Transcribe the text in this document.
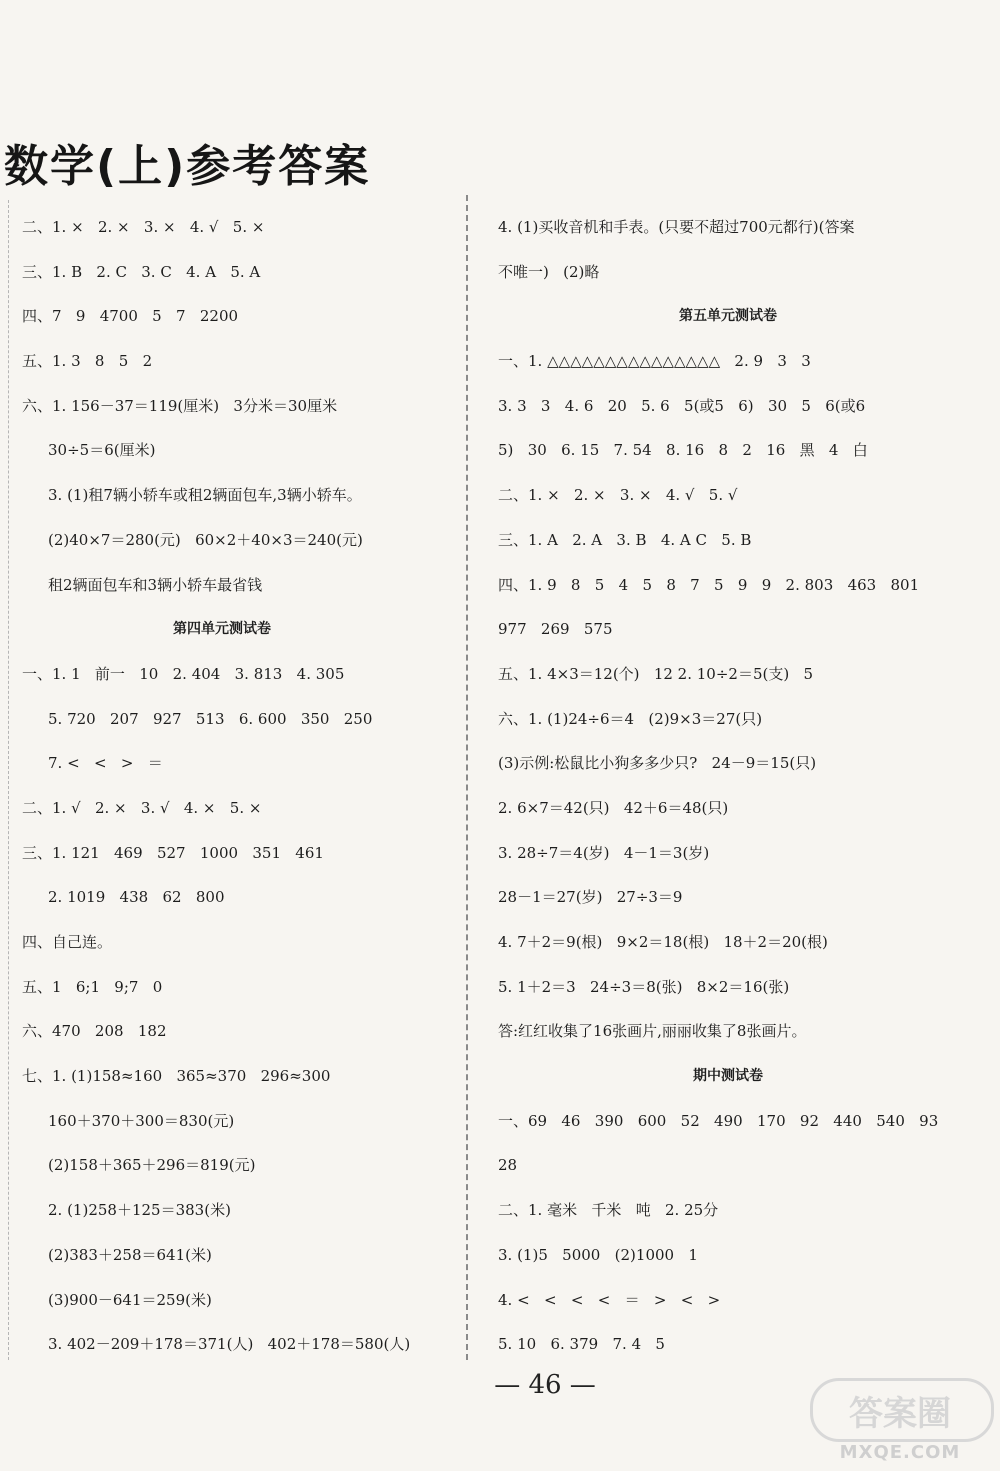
数学(上)参考答案
二、1. ×   2. ×   3. ×   4. √   5. ×
三、1. B   2. C   3. C   4. A   5. A
四、7   9   4700   5   7   2200
五、1. 3   8   5   2
六、1. 156－37＝119(厘米)   3分米＝30厘米
30÷5＝6(厘米)
3. (1)租7辆小轿车或租2辆面包车,3辆小轿车。
(2)40×7＝280(元)   60×2＋40×3＝240(元)
租2辆面包车和3辆小轿车最省钱
第四单元测试卷
一、1. 1   前一   10   2. 404   3. 813   4. 305
5. 720   207   927   513   6. 600   350   250
7. <   <   >   ＝
二、1. √   2. ×   3. √   4. ×   5. ×
三、1. 121   469   527   1000   351   461
2. 1019   438   62   800
四、自己连。
五、1   6;1   9;7   0
六、470   208   182
七、1. (1)158≈160   365≈370   296≈300
160＋370＋300＝830(元)
(2)158＋365＋296＝819(元)
2. (1)258＋125＝383(米)
(2)383＋258＝641(米)
(3)900－641＝259(米)
3. 402－209＋178＝371(人)   402＋178＝580(人)
4. (1)买收音机和手表。(只要不超过700元都行)(答案
不唯一)   (2)略
第五单元测试卷
一、1. △△△△△△△△△△△△△△△   2. 9   3   3
3. 3   3   4. 6   20   5. 6   5(或5   6)   30   5   6(或6
5)   30   6. 15   7. 54   8. 16   8   2   16   黑   4   白
二、1. ×   2. ×   3. ×   4. √   5. √
三、1. A   2. A   3. B   4. A C   5. B
四、1. 9   8   5   4   5   8   7   5   9   9   2. 803   463   801
977   269   575
五、1. 4×3＝12(个)   12 2. 10÷2＝5(支)   5
六、1. (1)24÷6＝4   (2)9×3＝27(只)
(3)示例:松鼠比小狗多多少只?   24－9＝15(只)
2. 6×7＝42(只)   42＋6＝48(只)
3. 28÷7＝4(岁)   4－1＝3(岁)
28－1＝27(岁)   27÷3＝9
4. 7＋2＝9(根)   9×2＝18(根)   18＋2＝20(根)
5. 1＋2＝3   24÷3＝8(张)   8×2＝16(张)
答:红红收集了16张画片,丽丽收集了8张画片。
期中测试卷
一、69   46   390   600   52   490   170   92   440   540   93
28
二、1. 毫米   千米   吨   2. 25分
3. (1)5   5000   (2)1000   1
4. <   <   <   <   ＝   >   <   >
5. 10   6. 379   7. 4   5
— 46 —
答案圈
MXQE.COM
